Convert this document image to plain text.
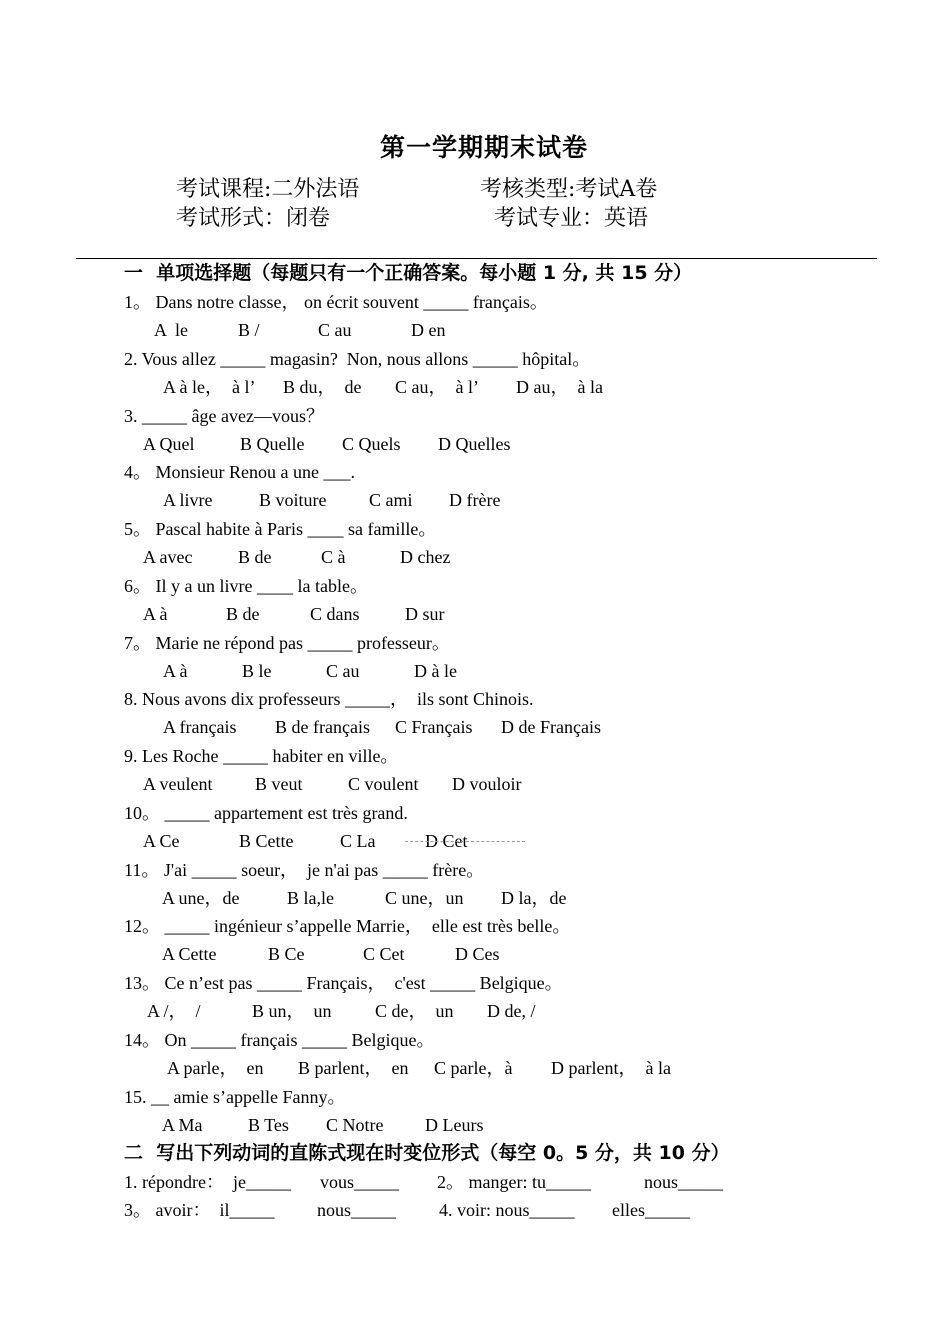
第一学期期末试卷
考试课程:二外法语	考核类型:考试A卷
考试形式：闭卷	考试专业：英语
一  单项选择题（每题只有一个正确答案。每小题 1 分, 共 15 分）
1。 Dans notre classe， on écrit souvent _____ français。
A  le	B /	C au	D en
2. Vous allez _____ magasin?  Non, nous allons _____ hôpital。
A à le，  à l’ B du，  de C au，  à l’ D au，  à la
3. _____ âge avez—vous？
A Quel	B Quelle C Quels D Quelles
4。 Monsieur Renou a une ___.
A livre	B voiture C ami D frère
5。 Pascal habite à Paris ____ sa famille。
A avec	B de	C à	D chez
6。 Il y a un livre ____ la table。
A à	B de	C dans	D sur
7。 Marie ne répond pas _____ professeur。
A à	B le	C au	D à le
8. Nous avons dix professeurs _____，  ils sont Chinois.
A français B de français C Français D de Français
9. Les Roche _____ habiter en ville。
A veulent B veut	C voulent D vouloir
10。 _____ appartement est très grand.
A Ce	B Cette	C La	D Cet
11。 J'ai _____ soeur，  je n'ai pas _____ frère。
A une，de	B la,le	C une，un D la，de
12。 _____ ingénieur s’appelle Marrie，  elle est très belle。
A Cette	B Ce	C Cet	D Ces
13。 Ce n’est pas _____ Français，  c'est _____ Belgique。
A /，  /	B un，  un C de，  un D de, /
14。 On _____ français _____ Belgique。
A parle，  en B parlent，  en C parle，à D parlent，  à la
15. __ amie s’appelle Fanny。
A Ma	B Tes C Notre D Leurs
二  写出下列动词的直陈式现在时变位形式（每空 0。5 分，共 10 分）
1. répondre：  je_____ vous_____ 2。 manger: tu_____	nous_____
3。 avoir：  il_____ nous_____ 4. voir: nous_____ elles_____
